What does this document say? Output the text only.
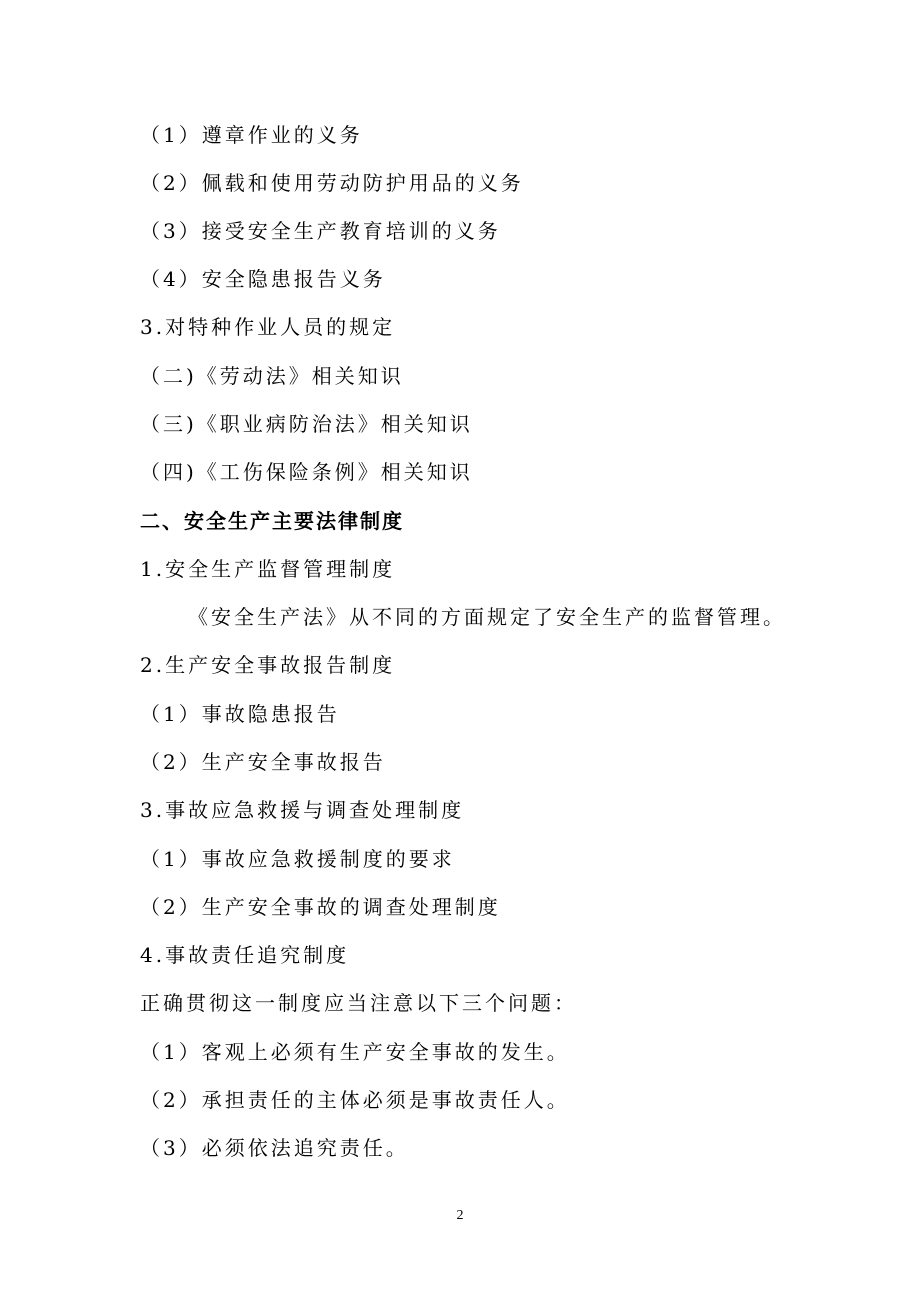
（1）遵章作业的义务
（2）佩载和使用劳动防护用品的义务
（3）接受安全生产教育培训的义务
（4）安全隐患报告义务
3.对特种作业人员的规定
（二)《劳动法》相关知识
（三)《职业病防治法》相关知识
（四)《工伤保险条例》相关知识
二、安全生产主要法律制度
1.安全生产监督管理制度
《安全生产法》从不同的方面规定了安全生产的监督管理。
2.生产安全事故报告制度
（1）事故隐患报告
（2）生产安全事故报告
3.事故应急救援与调查处理制度
（1）事故应急救援制度的要求
（2）生产安全事故的调查处理制度
4.事故责任追究制度
正确贯彻这一制度应当注意以下三个问题：
（1）客观上必须有生产安全事故的发生。
（2）承担责任的主体必须是事故责任人。
（3）必须依法追究责任。
2
